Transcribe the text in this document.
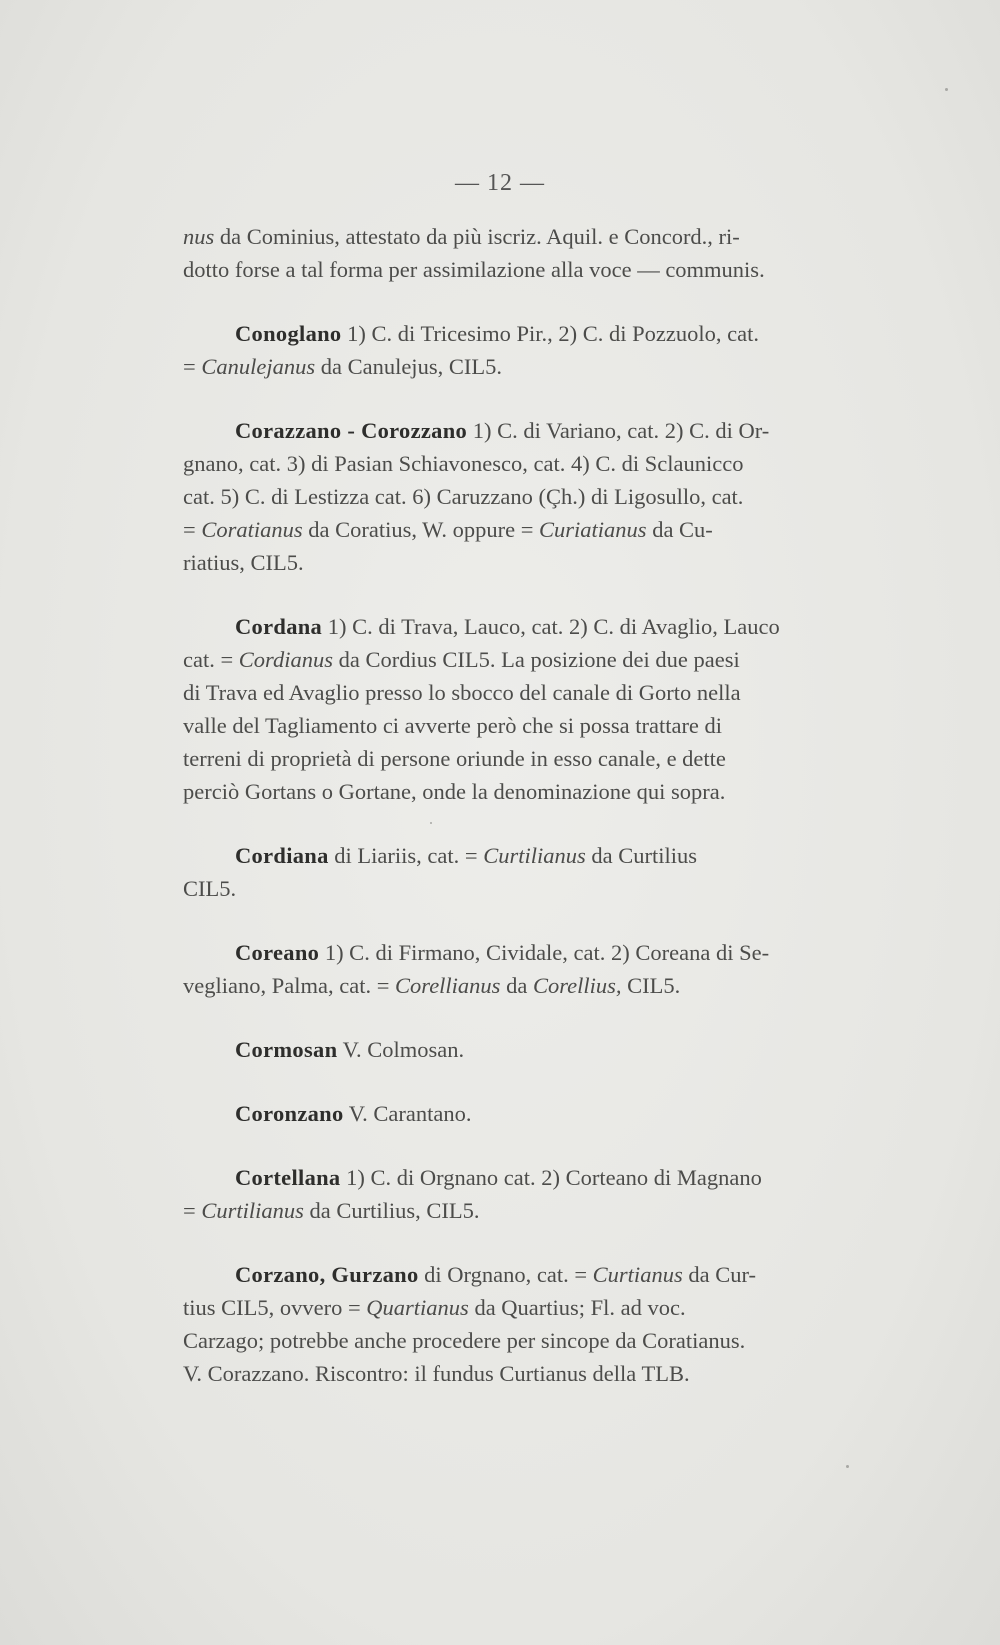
— 12 —
nus da Cominius, attestato da più iscriz. Aquil. e Concord., ri-
dotto forse a tal forma per assimilazione alla voce — communis.
Conoglano 1) C. di Tricesimo Pir., 2) C. di Pozzuolo, cat.
= Canulejanus da Canulejus, CIL5.
Corazzano - Corozzano 1) C. di Variano, cat. 2) C. di Or-
gnano, cat. 3) di Pasian Schiavonesco, cat. 4) C. di Sclaunicco
cat. 5) C. di Lestizza cat. 6) Caruzzano (Çh.) di Ligosullo, cat.
= Coratianus da Coratius, W. oppure = Curiatianus da Cu-
riatius, CIL5.
Cordana 1) C. di Trava, Lauco, cat. 2) C. di Avaglio, Lauco
cat. = Cordianus da Cordius CIL5. La posizione dei due paesi
di Trava ed Avaglio presso lo sbocco del canale di Gorto nella
valle del Tagliamento ci avverte però che si possa trattare di
terreni di proprietà di persone oriunde in esso canale, e dette
perciò Gortans o Gortane, onde la denominazione qui sopra.
Cordiana di Liariis, cat. = Curtilianus da Curtilius
CIL5.
Coreano 1) C. di Firmano, Cividale, cat. 2) Coreana di Se-
vegliano, Palma, cat. = Corellianus da Corellius, CIL5.
Cormosan V. Colmosan.
Coronzano V. Carantano.
Cortellana 1) C. di Orgnano cat. 2) Corteano di Magnano
= Curtilianus da Curtilius, CIL5.
Corzano, Gurzano di Orgnano, cat. = Curtianus da Cur-
tius CIL5, ovvero = Quartianus da Quartius; Fl. ad voc.
Carzago; potrebbe anche procedere per sincope da Coratianus.
V. Corazzano. Riscontro: il fundus Curtianus della TLB.
